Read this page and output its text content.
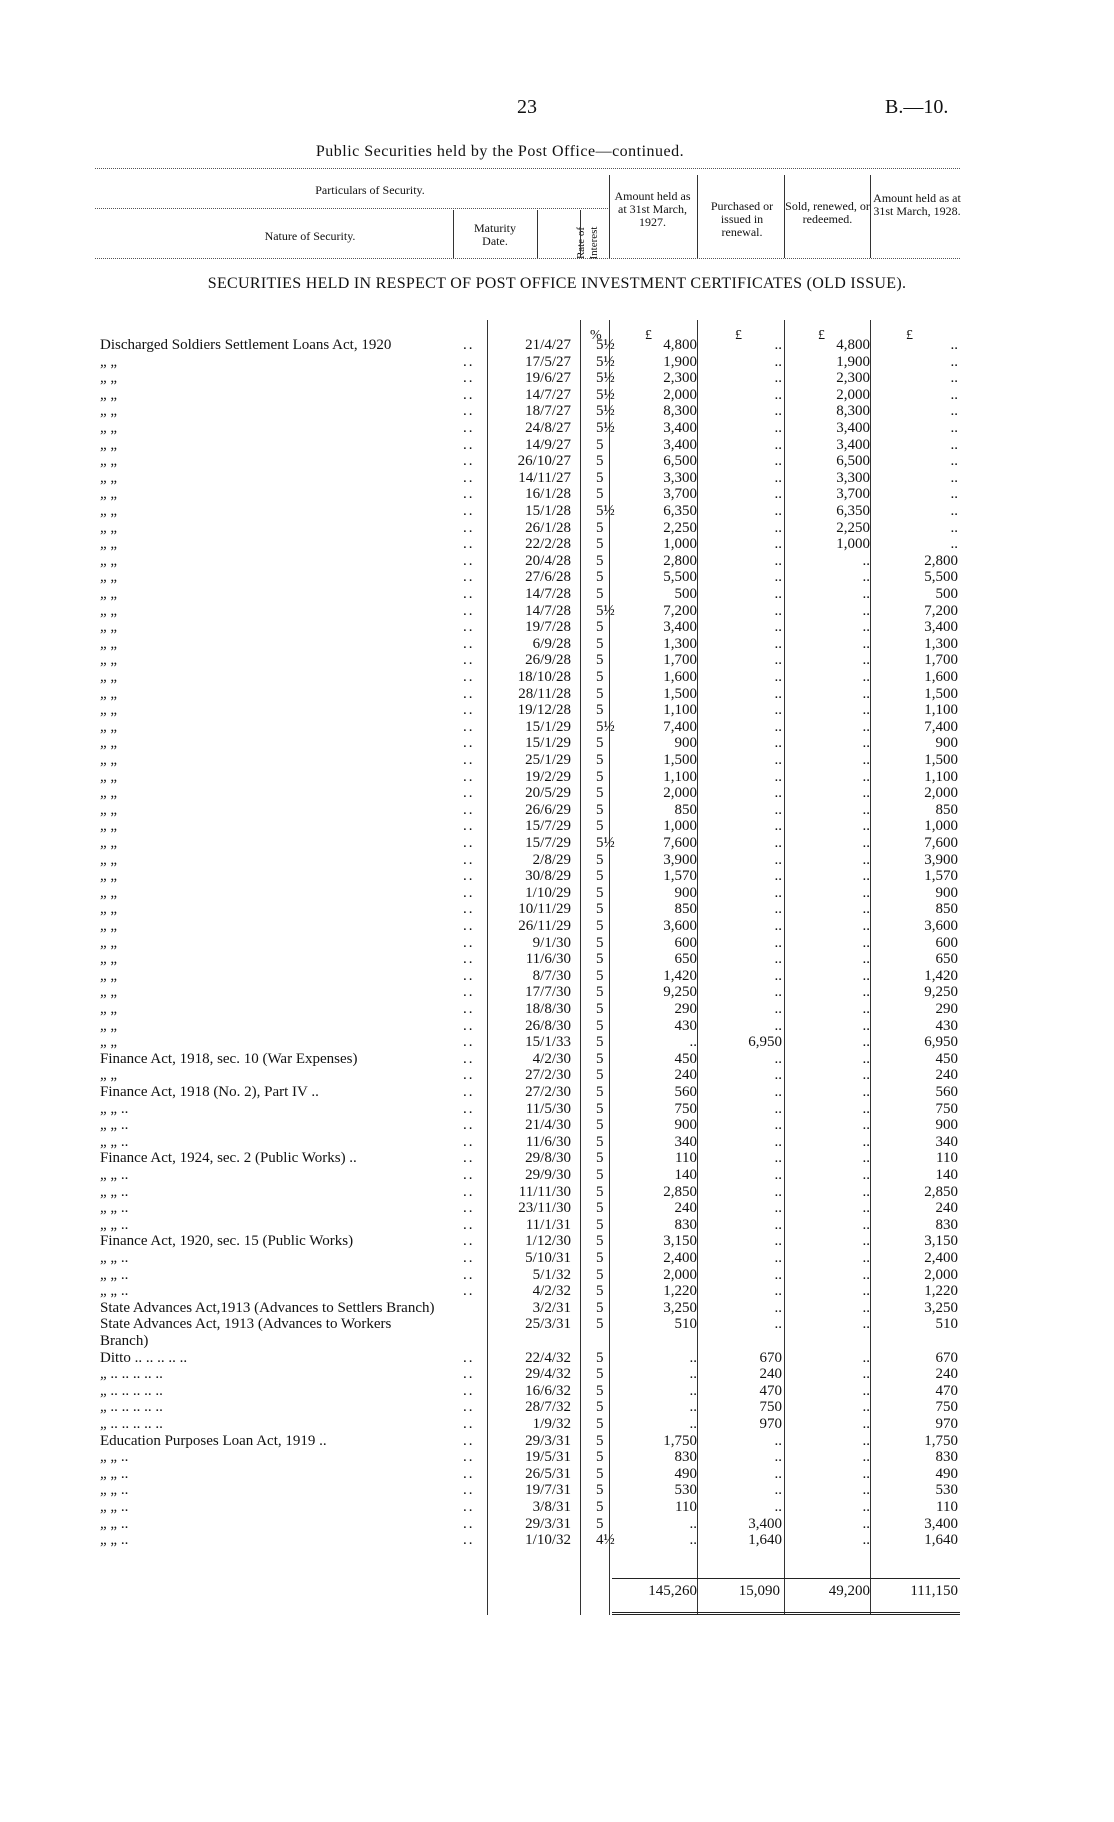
23	B.—10.
Public Securities held by the Post Office—continued.
Particulars of Security.
Nature of Security.
Maturity Date.	Rate of Interest
Amount held as at 31st March, 1927.
Purchased or issued in renewal.
Sold, renewed, or redeemed.
Amount held as at 31st March, 1928.
SECURITIES HELD IN RESPECT OF POST OFFICE INVESTMENT CERTIFICATES (OLD ISSUE).
%	£	£	£	£
Discharged Soldiers Settlement Loans Act, 1920	..	21/4/27 5½	4,800	..	4,800	..
„ „	..	17/5/27 5½	1,900	..	1,900	..
„ „	..	19/6/27 5½	2,300	..	2,300	..
„ „	..	14/7/27 5½	2,000	..	2,000	..
„ „	..	18/7/27 5½	8,300	..	8,300	..
„ „	..	24/8/27 5½	3,400	..	3,400	..
„ „	..	14/9/27 5	3,400	..	3,400	..
„ „	..	26/10/27 5	6,500	..	6,500	..
„ „	..	14/11/27 5	3,300	..	3,300	..
„ „	..	16/1/28 5	3,700	..	3,700	..
„ „	..	15/1/28 5½	6,350	..	6,350	..
„ „	..	26/1/28 5	2,250	..	2,250	..
„ „	..	22/2/28 5	1,000	..	1,000	..
„ „	..	20/4/28 5	2,800	..	..	2,800
„ „	..	27/6/28 5	5,500	..	..	5,500
„ „	..	14/7/28 5	500	..	..	500
„ „	..	14/7/28 5½	7,200	..	..	7,200
„ „	..	19/7/28 5	3,400	..	..	3,400
„ „	..	6/9/28 5	1,300	..	..	1,300
„ „	..	26/9/28 5	1,700	..	..	1,700
„ „	..	18/10/28 5	1,600	..	..	1,600
„ „	..	28/11/28 5	1,500	..	..	1,500
„ „	..	19/12/28 5	1,100	..	..	1,100
„ „	..	15/1/29 5½	7,400	..	..	7,400
„ „	..	15/1/29 5	900	..	..	900
„ „	..	25/1/29 5	1,500	..	..	1,500
„ „	..	19/2/29 5	1,100	..	..	1,100
„ „	..	20/5/29 5	2,000	..	..	2,000
„ „	..	26/6/29 5	850	..	..	850
„ „	..	15/7/29 5	1,000	..	..	1,000
„ „	..	15/7/29 5½	7,600	..	..	7,600
„ „	..	2/8/29 5	3,900	..	..	3,900
„ „	..	30/8/29 5	1,570	..	..	1,570
„ „	..	1/10/29 5	900	..	..	900
„ „	..	10/11/29 5	850	..	..	850
„ „	..	26/11/29 5	3,600	..	..	3,600
„ „	..	9/1/30 5	600	..	..	600
„ „	..	11/6/30 5	650	..	..	650
„ „	..	8/7/30 5	1,420	..	..	1,420
„ „	..	17/7/30 5	9,250	..	..	9,250
„ „	..	18/8/30 5	290	..	..	290
„ „	..	26/8/30 5	430	..	..	430
„ „	..	15/1/33 5	..	6,950	..	6,950
Finance Act, 1918, sec. 10 (War Expenses)	..	4/2/30 5	450	..	..	450
„ „	..	27/2/30 5	240	..	..	240
Finance Act, 1918 (No. 2), Part IV ..	..	27/2/30 5	560	..	..	560
„ „ ..	..	11/5/30 5	750	..	..	750
„ „ ..	..	21/4/30 5	900	..	..	900
„ „ ..	..	11/6/30 5	340	..	..	340
Finance Act, 1924, sec. 2 (Public Works) ..	..	29/8/30 5	110	..	..	110
„ „ ..	..	29/9/30 5	140	..	..	140
„ „ ..	..	11/11/30 5	2,850	..	..	2,850
„ „ ..	..	23/11/30 5	240	..	..	240
„ „ ..	..	11/1/31 5	830	..	..	830
Finance Act, 1920, sec. 15 (Public Works)	..	1/12/30 5	3,150	..	..	3,150
„ „ ..	..	5/10/31 5	2,400	..	..	2,400
„ „ ..	..	5/1/32 5	2,000	..	..	2,000
„ „ ..	..	4/2/32 5	1,220	..	..	1,220
State Advances Act,1913 (Advances to Settlers Branch)	3/2/31 5	3,250	..	..	3,250
State Advances Act, 1913 (Advances to Workers	25/3/31 5	510	..	..	510
Branch)
Ditto .. .. .. .. ..	..	22/4/32 5	..	670	..	670
„ .. .. .. .. ..	..	29/4/32 5	..	240	..	240
„ .. .. .. .. ..	..	16/6/32 5	..	470	..	470
„ .. .. .. .. ..	..	28/7/32 5	..	750	..	750
„ .. .. .. .. ..	..	1/9/32 5	..	970	..	970
Education Purposes Loan Act, 1919 ..	..	29/3/31 5	1,750	..	..	1,750
„ „ ..	..	19/5/31 5	830	..	..	830
„ „ ..	..	26/5/31 5	490	..	..	490
„ „ ..	..	19/7/31 5	530	..	..	530
„ „ ..	..	3/8/31 5	110	..	..	110
„ „ ..	..	29/3/31 5	..	3,400	..	3,400
„ „ ..	..	1/10/32 4½	..	1,640	..	1,640
145,260	15,090	49,200	111,150
